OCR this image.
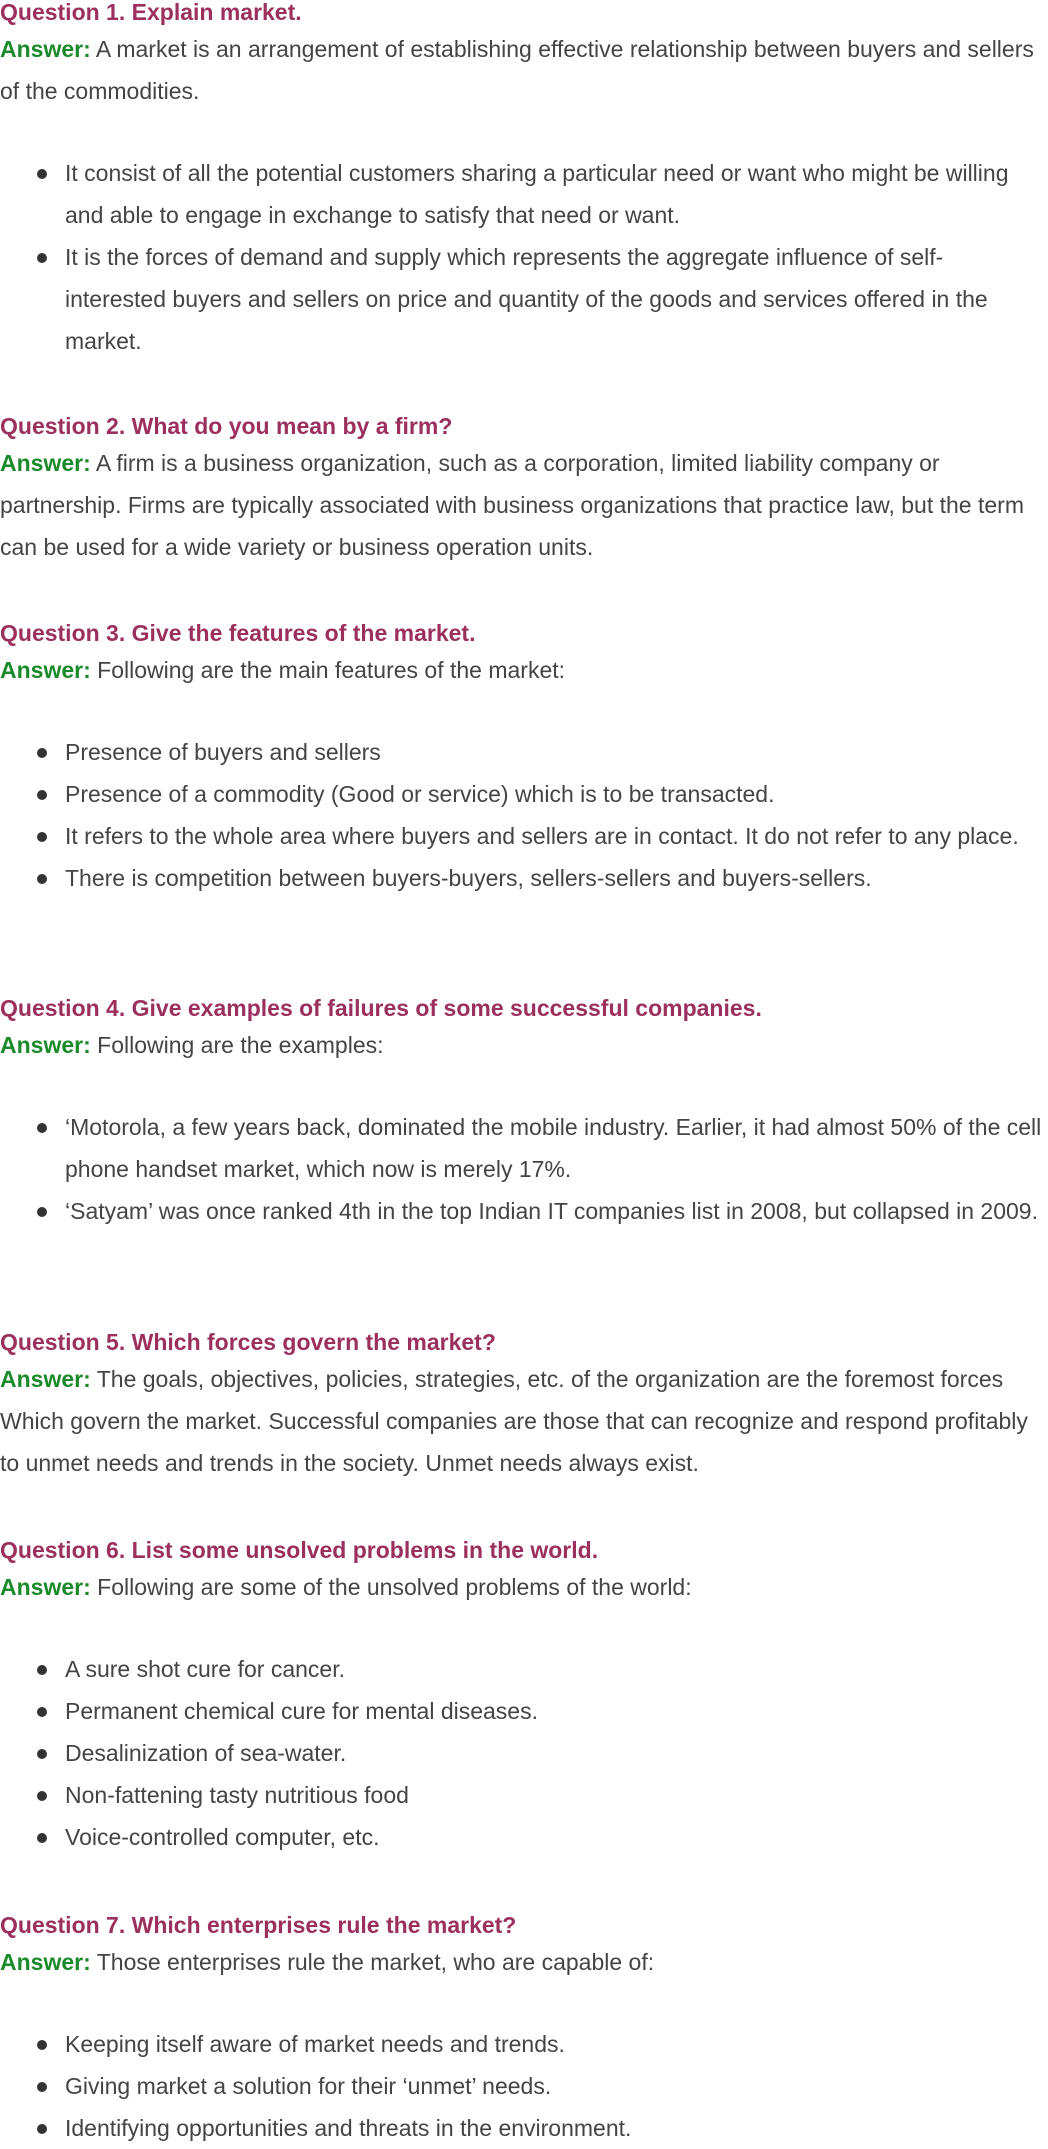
Question 1. Explain market.

Answer: A market is an arrangement of establishing effective relationship between buyers and sellers of the commodities.

It consist of all the potential customers sharing a particular need or want who might be willing and able to engage in exchange to satisfy that need or want.
It is the forces of demand and supply which represents the aggregate influence of self-interested buyers and sellers on price and quantity of the goods and services offered in the market.

Question 2. What do you mean by a firm?

Answer: A firm is a business organization, such as a corporation, limited liability company or partnership. Firms are typically associated with business organizations that practice law, but the term can be used for a wide variety or business operation units.

Question 3. Give the features of the market.

Answer: Following are the main features of the market:

Presence of buyers and sellers
Presence of a commodity (Good or service) which is to be transacted.
It refers to the whole area where buyers and sellers are in contact. It do not refer to any place.
There is competition between buyers-buyers, sellers-sellers and buyers-sellers.

Question 4. Give examples of failures of some successful companies.

Answer: Following are the examples:

‘Motorola, a few years back, dominated the mobile industry. Earlier, it had almost 50% of the cell phone handset market, which now is merely 17%.
‘Satyam’ was once ranked 4th in the top Indian IT companies list in 2008, but collapsed in 2009.

Question 5. Which forces govern the market?

Answer: The goals, objectives, policies, strategies, etc. of the organization are the foremost forces Which govern the market. Successful companies are those that can recognize and respond profitably to unmet needs and trends in the society. Unmet needs always exist.

Question 6. List some unsolved problems in the world.

Answer: Following are some of the unsolved problems of the world:

A sure shot cure for cancer.
Permanent chemical cure for mental diseases.
Desalinization of sea-water.
Non-fattening tasty nutritious food
Voice-controlled computer, etc.

Question 7. Which enterprises rule the market?

Answer: Those enterprises rule the market, who are capable of:

Keeping itself aware of market needs and trends.
Giving market a solution for their ‘unmet’ needs.
Identifying opportunities and threats in the environment.
